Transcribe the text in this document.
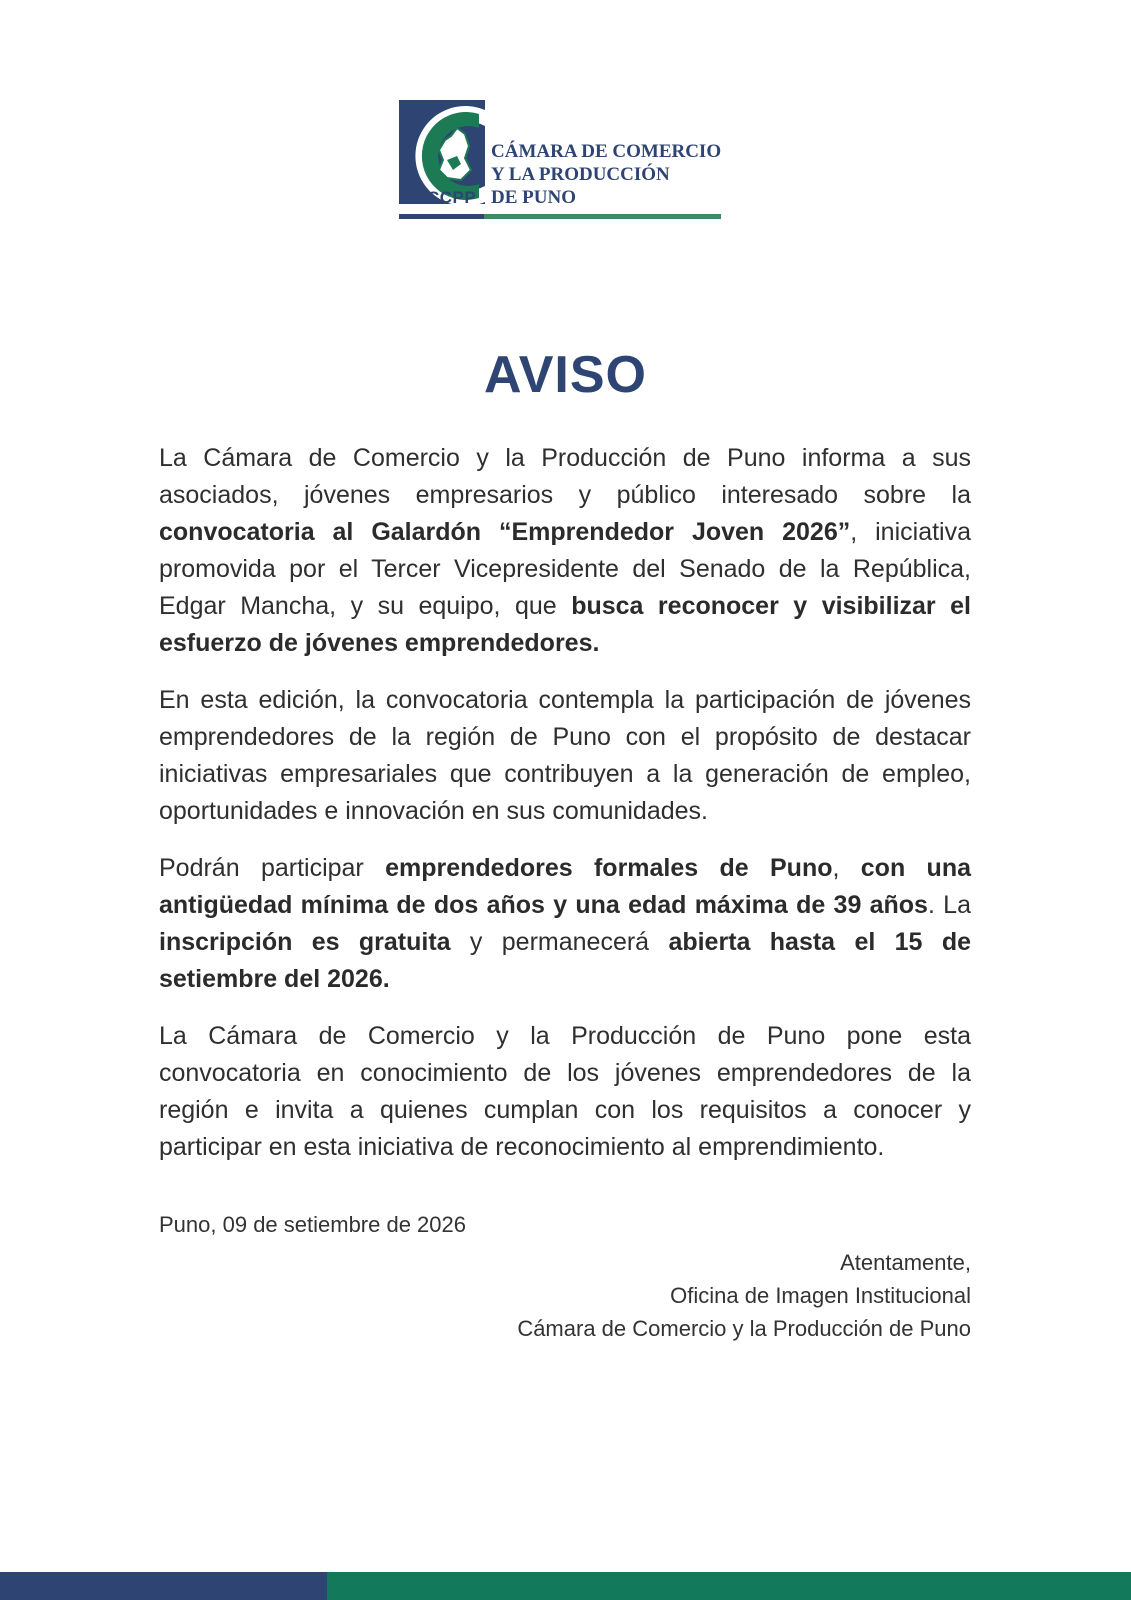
CÁMARA DE COMERCIO
Y LA PRODUCCIÓN
DE PUNO
CCPP
AVISO

La Cámara de Comercio y la Producción de Puno informa a sus asociados, jóvenes empresarios y público interesado sobre la convocatoria al Galardón “Emprendedor Joven 2026”, iniciativa promovida por el Tercer Vicepresidente del Senado de la República, Edgar Mancha, y su equipo, que busca reconocer y visibilizar el esfuerzo de jóvenes emprendedores.

En esta edición, la convocatoria contempla la participación de jóvenes emprendedores de la región de Puno con el propósito de destacar iniciativas empresariales que contribuyen a la generación de empleo, oportunidades e innovación en sus comunidades.

Podrán participar emprendedores formales de Puno, con una antigüedad mínima de dos años y una edad máxima de 39 años. La inscripción es gratuita y permanecerá abierta hasta el 15 de setiembre del 2026.

La Cámara de Comercio y la Producción de Puno pone esta convocatoria en conocimiento de los jóvenes emprendedores de la región e invita a quienes cumplan con los requisitos a conocer y participar en esta iniciativa de reconocimiento al emprendimiento.

Puno, 09 de setiembre de 2026
Atentamente,
Oficina de Imagen Institucional
Cámara de Comercio y la Producción de Puno
